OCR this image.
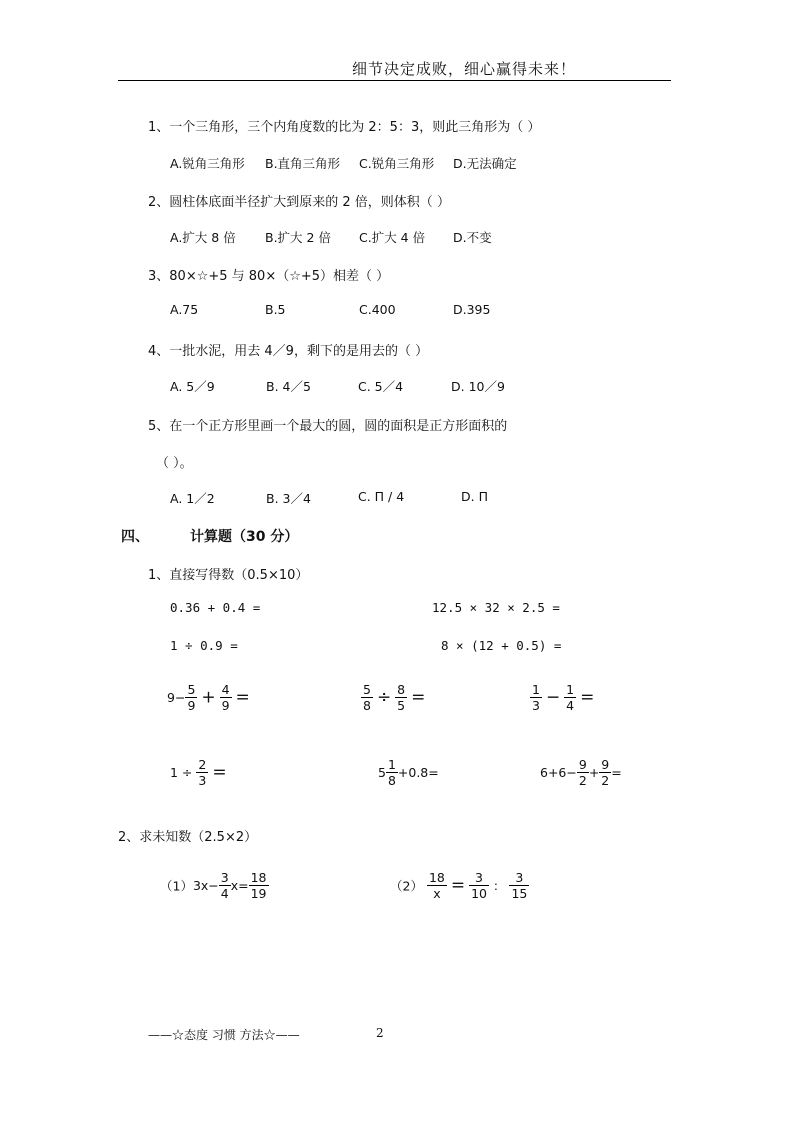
细节决定成败，细心赢得未来！
1、一个三角形，三个内角度数的比为 2：5：3，则此三角形为（ ）
A.锐角三角形 B.直角三角形 C.锐角三角形 D.无法确定
2、圆柱体底面半径扩大到原来的 2 倍，则体积（ ）
A.扩大 8 倍 B.扩大 2 倍 C.扩大 4 倍 D.不变
3、80×☆+5 与 80×（☆+5）相差（ ）
A.75	B.5	C.400	D.395
4、一批水泥，用去 4／9，剩下的是用去的（ ）
A. 5／9	B. 4／5	C. 5／4	D. 10／9
5、在一个正方形里画一个最大的圆，圆的面积是正方形面积的
（ ）。
A. 1／2	B. 3／4	C. Π / 4	D. Π
四、	计算题（30 分）
1、直接写得数（0.5×10）
0.36 + 0.4 =	12.5 × 32 × 2.5 =
1 ÷ 0.9 =	8 × (12 + 0.5) =
$9- \frac{5}{9} + \frac{4}{9}$ =	$\frac{5}{8} \div \frac{8}{5}$ =	$\frac{1}{3} - \frac{1}{4}$ =
$1 \div \frac{2}{3}$ =	$5 \frac{1}{8} +0.8=$	$6+6- \frac{9}{2} + \frac{9}{2}$ =
2、求未知数（2.5×2）
$(1)3x- \frac{3}{4} x= \frac{18}{19}$	$(2) \frac{18}{x} = \frac{3}{10}$ ： $\frac{3}{15}$
——☆态度 习惯 方法☆——	2
